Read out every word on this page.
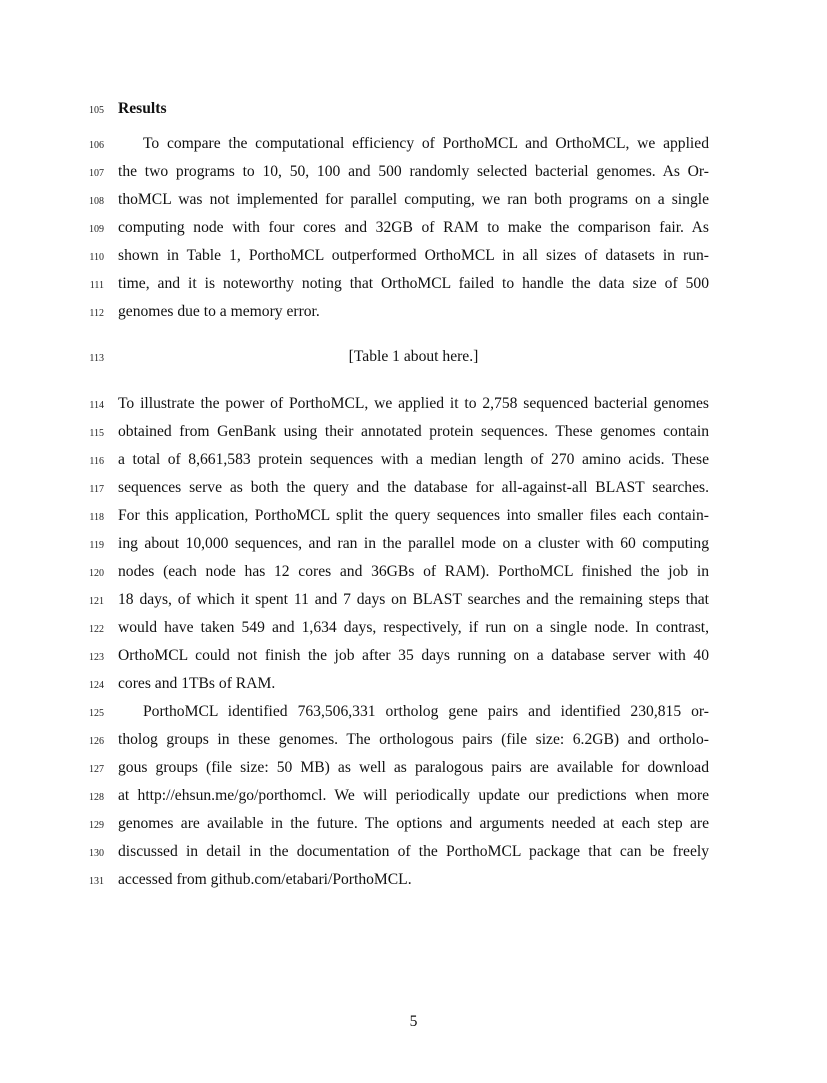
105 Results
106	To compare the computational efficiency of PorthoMCL and OrthoMCL, we applied
107 the two programs to 10, 50, 100 and 500 randomly selected bacterial genomes. As Or-
108 thoMCL was not implemented for parallel computing, we ran both programs on a single
109 computing node with four cores and 32GB of RAM to make the comparison fair. As
110 shown in Table 1, PorthoMCL outperformed OrthoMCL in all sizes of datasets in run-
111 time, and it is noteworthy noting that OrthoMCL failed to handle the data size of 500
112 genomes due to a memory error.
113	[Table 1 about here.]
114 To illustrate the power of PorthoMCL, we applied it to 2,758 sequenced bacterial genomes
115 obtained from GenBank using their annotated protein sequences. These genomes contain
116 a total of 8,661,583 protein sequences with a median length of 270 amino acids. These
117 sequences serve as both the query and the database for all-against-all BLAST searches.
118 For this application, PorthoMCL split the query sequences into smaller files each contain-
119 ing about 10,000 sequences, and ran in the parallel mode on a cluster with 60 computing
120 nodes (each node has 12 cores and 36GBs of RAM). PorthoMCL finished the job in
121 18 days, of which it spent 11 and 7 days on BLAST searches and the remaining steps that
122 would have taken 549 and 1,634 days, respectively, if run on a single node. In contrast,
123 OrthoMCL could not finish the job after 35 days running on a database server with 40
124 cores and 1TBs of RAM.
125	PorthoMCL identified 763,506,331 ortholog gene pairs and identified 230,815 or-
126 tholog groups in these genomes. The orthologous pairs (file size: 6.2GB) and ortholo-
127 gous groups (file size: 50 MB) as well as paralogous pairs are available for download
128 at http://ehsun.me/go/porthomcl. We will periodically update our predictions when more
129 genomes are available in the future. The options and arguments needed at each step are
130 discussed in detail in the documentation of the PorthoMCL package that can be freely
131 accessed from github.com/etabari/PorthoMCL.
5
